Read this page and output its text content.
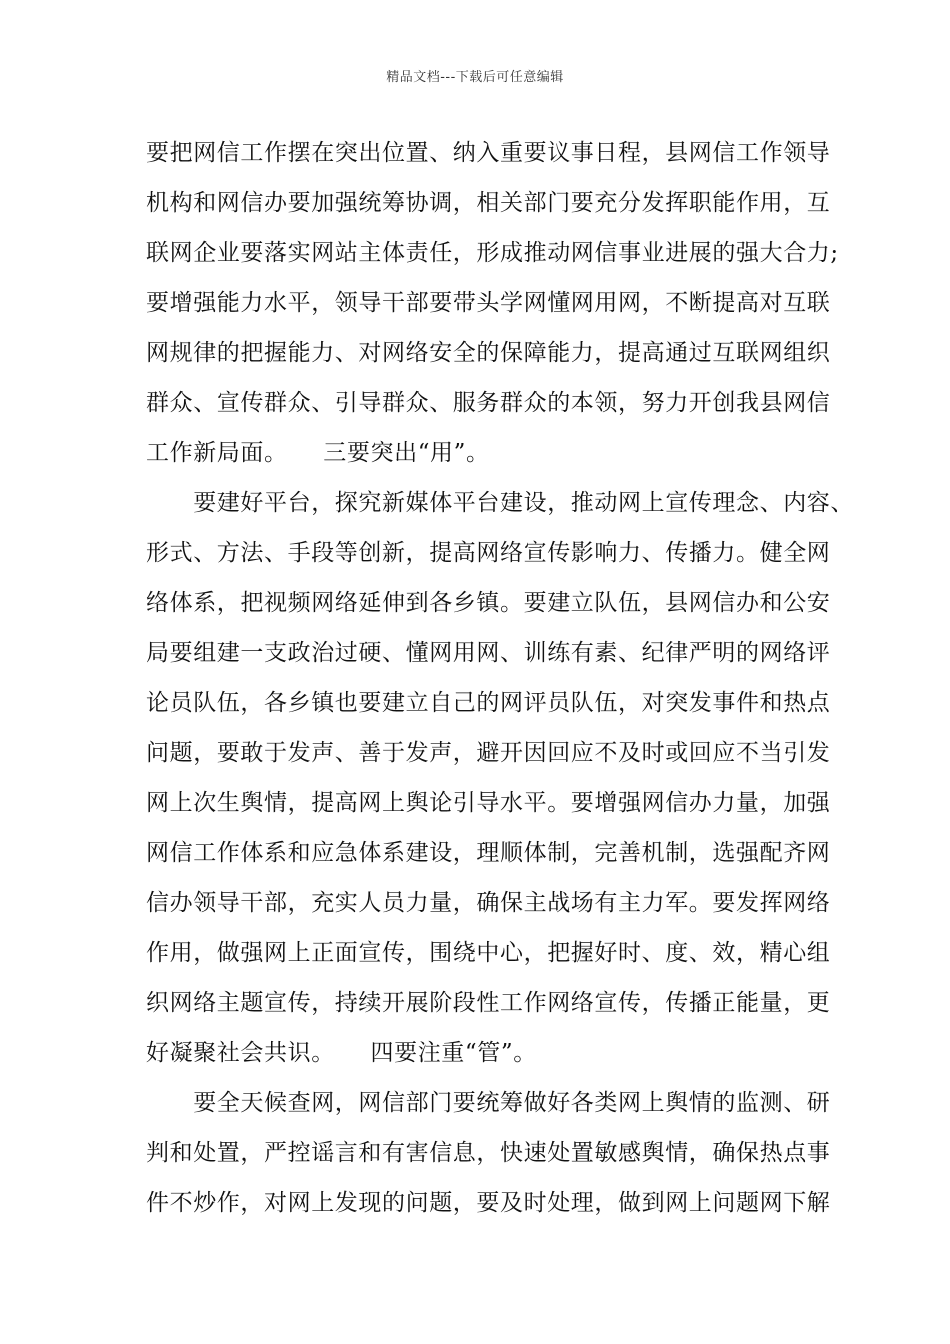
精品文档---下载后可任意编辑
要把网信工作摆在突出位置、纳入重要议事日程，县网信工作领导
机构和网信办要加强统筹协调，相关部门要充分发挥职能作用，互
联网企业要落实网站主体责任，形成推动网信事业进展的强大合力;
要增强能力水平，领导干部要带头学网懂网用网，不断提高对互联
网规律的把握能力、对网络安全的保障能力，提高通过互联网组织
群众、宣传群众、引导群众、服务群众的本领，努力开创我县网信
工作新局面。　　三要突出“用”。
　　要建好平台，探究新媒体平台建设，推动网上宣传理念、内容、
形式、方法、手段等创新，提高网络宣传影响力、传播力。健全网
络体系，把视频网络延伸到各乡镇。要建立队伍，县网信办和公安
局要组建一支政治过硬、懂网用网、训练有素、纪律严明的网络评
论员队伍，各乡镇也要建立自己的网评员队伍，对突发事件和热点
问题，要敢于发声、善于发声，避开因回应不及时或回应不当引发
网上次生舆情，提高网上舆论引导水平。要增强网信办力量，加强
网信工作体系和应急体系建设，理顺体制，完善机制，选强配齐网
信办领导干部，充实人员力量，确保主战场有主力军。要发挥网络
作用，做强网上正面宣传，围绕中心，把握好时、度、效，精心组
织网络主题宣传，持续开展阶段性工作网络宣传，传播正能量，更
好凝聚社会共识。　　四要注重“管”。
　　要全天候查网，网信部门要统筹做好各类网上舆情的监测、研
判和处置，严控谣言和有害信息，快速处置敏感舆情，确保热点事
件不炒作，对网上发现的问题，要及时处理，做到网上问题网下解
